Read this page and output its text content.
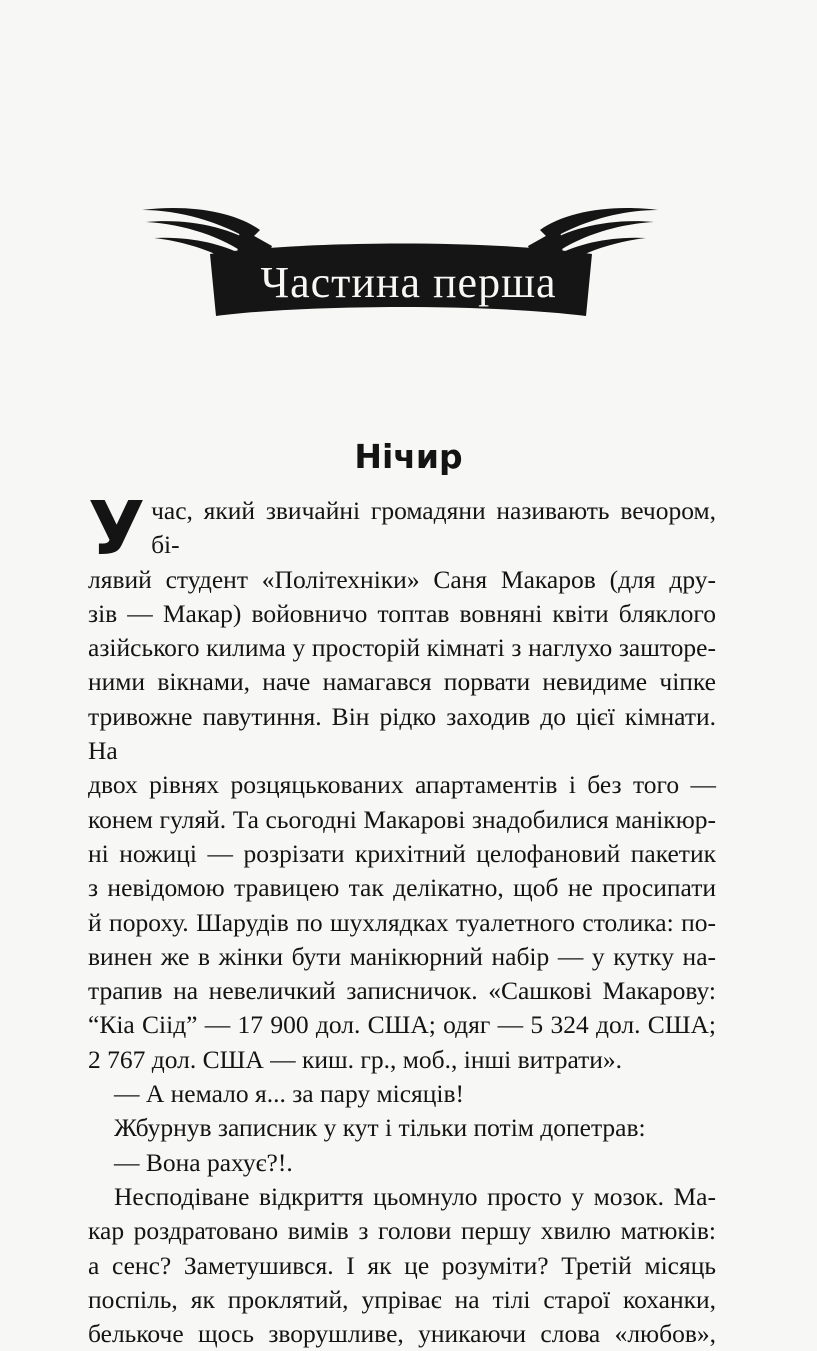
Частина перша
Нічир
У час, який звичайні громадяни називають вечором, бі-

лявий студент «Політехніки» Саня Макаров (для дру-

зів — Макар) войовничо топтав вовняні квіти бляклого

азійського килима у просторій кімнаті з наглухо зашторе-

ними вікнами, наче намагався порвати невидиме чіпке

тривожне павутиння. Він рідко заходив до цієї кімнати. На

двох рівнях розцяцькованих апартаментів і без того —

конем гуляй. Та сьогодні Макарові знадобилися манікюр-

ні ножиці — розрізати крихітний целофановий пакетик

з невідомою травицею так делікатно, щоб не просипати

й пороху. Шарудів по шухлядках туалетного столика: по-

винен же в жінки бути манікюрний набір — у кутку на-

трапив на невеличкий записничок. «Сашкові Макарову:

“Кіа Сіід” — 17 900 дол. США; одяг — 5 324 дол. США;

2 767 дол. США — киш. гр., моб., інші витрати».

— А немало я... за пару місяців!

Жбурнув записник у кут і тільки потім допетрав:

— Вона рахує?!.

Несподіване відкриття цьомнуло просто у мозок. Ма-

кар роздратовано вимів з голови першу хвилю матюків:

а сенс? Заметушився. І як це розуміти? Третій місяць

поспіль, як проклятий, упріває на тілі старої коханки,

белькоче щось зворушливе, уникаючи слова «любов»,
